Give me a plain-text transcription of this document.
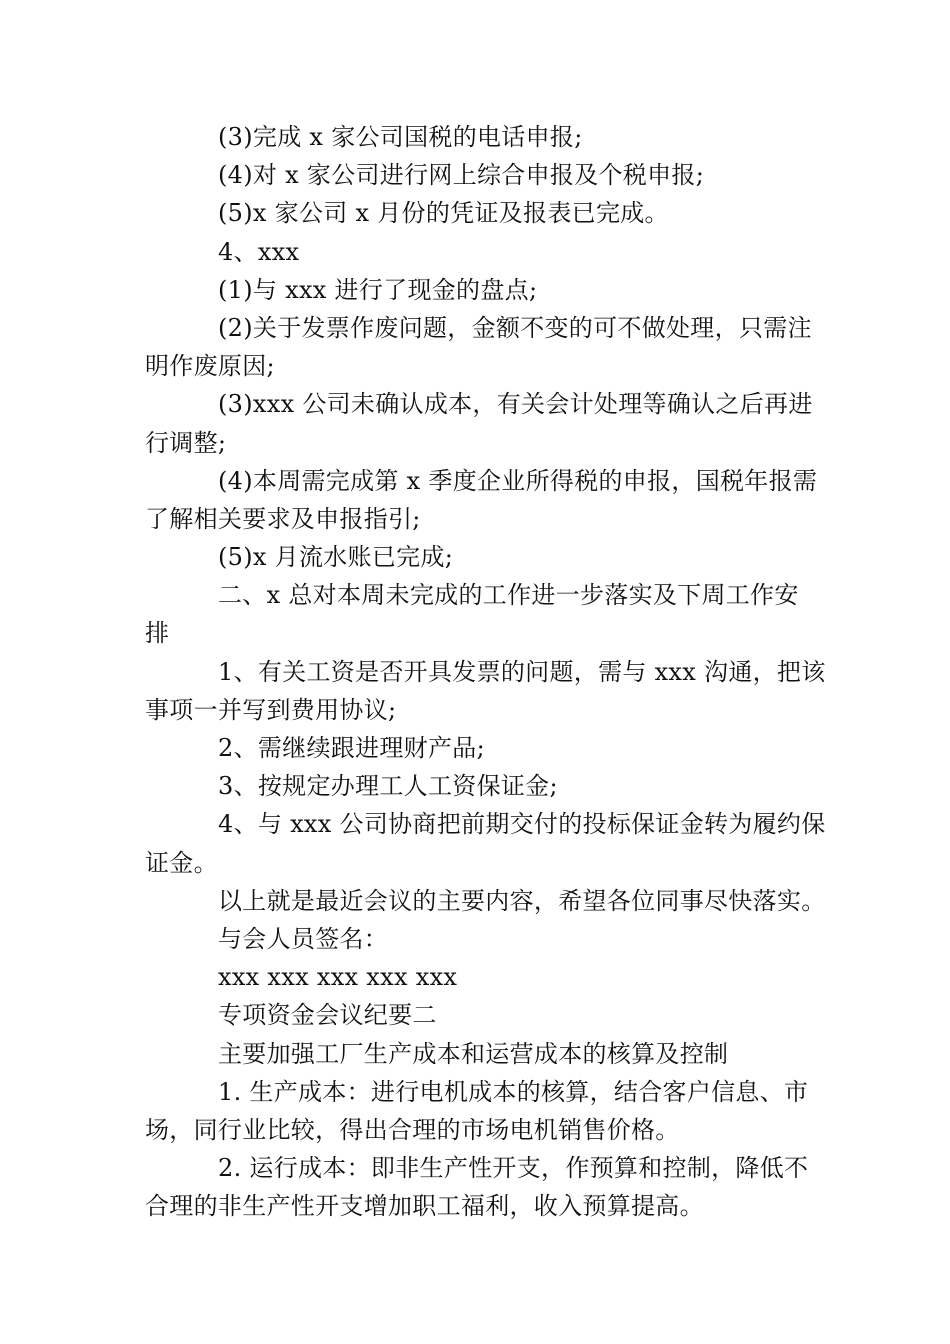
(3)完成 x 家公司国税的电话申报;

(4)对 x 家公司进行网上综合申报及个税申报;

(5)x 家公司 x 月份的凭证及报表已完成。

4、xxx

(1)与 xxx 进行了现金的盘点;

(2)关于发票作废问题，金额不变的可不做处理，只需注

明作废原因;

(3)xxx 公司未确认成本，有关会计处理等确认之后再进

行调整;

(4)本周需完成第 x 季度企业所得税的申报，国税年报需

了解相关要求及申报指引;

(5)x 月流水账已完成;

二、x 总对本周未完成的工作进一步落实及下周工作安

排

1、有关工资是否开具发票的问题，需与 xxx 沟通，把该

事项一并写到费用协议;

2、需继续跟进理财产品;

3、按规定办理工人工资保证金;

4、与 xxx 公司协商把前期交付的投标保证金转为履约保

证金。

以上就是最近会议的主要内容，希望各位同事尽快落实。

与会人员签名：

xxx xxx xxx xxx xxx

专项资金会议纪要二

主要加强工厂生产成本和运营成本的核算及控制

1. 生产成本：进行电机成本的核算，结合客户信息、市

场，同行业比较，得出合理的市场电机销售价格。

2. 运行成本：即非生产性开支，作预算和控制，降低不

合理的非生产性开支增加职工福利，收入预算提高。
